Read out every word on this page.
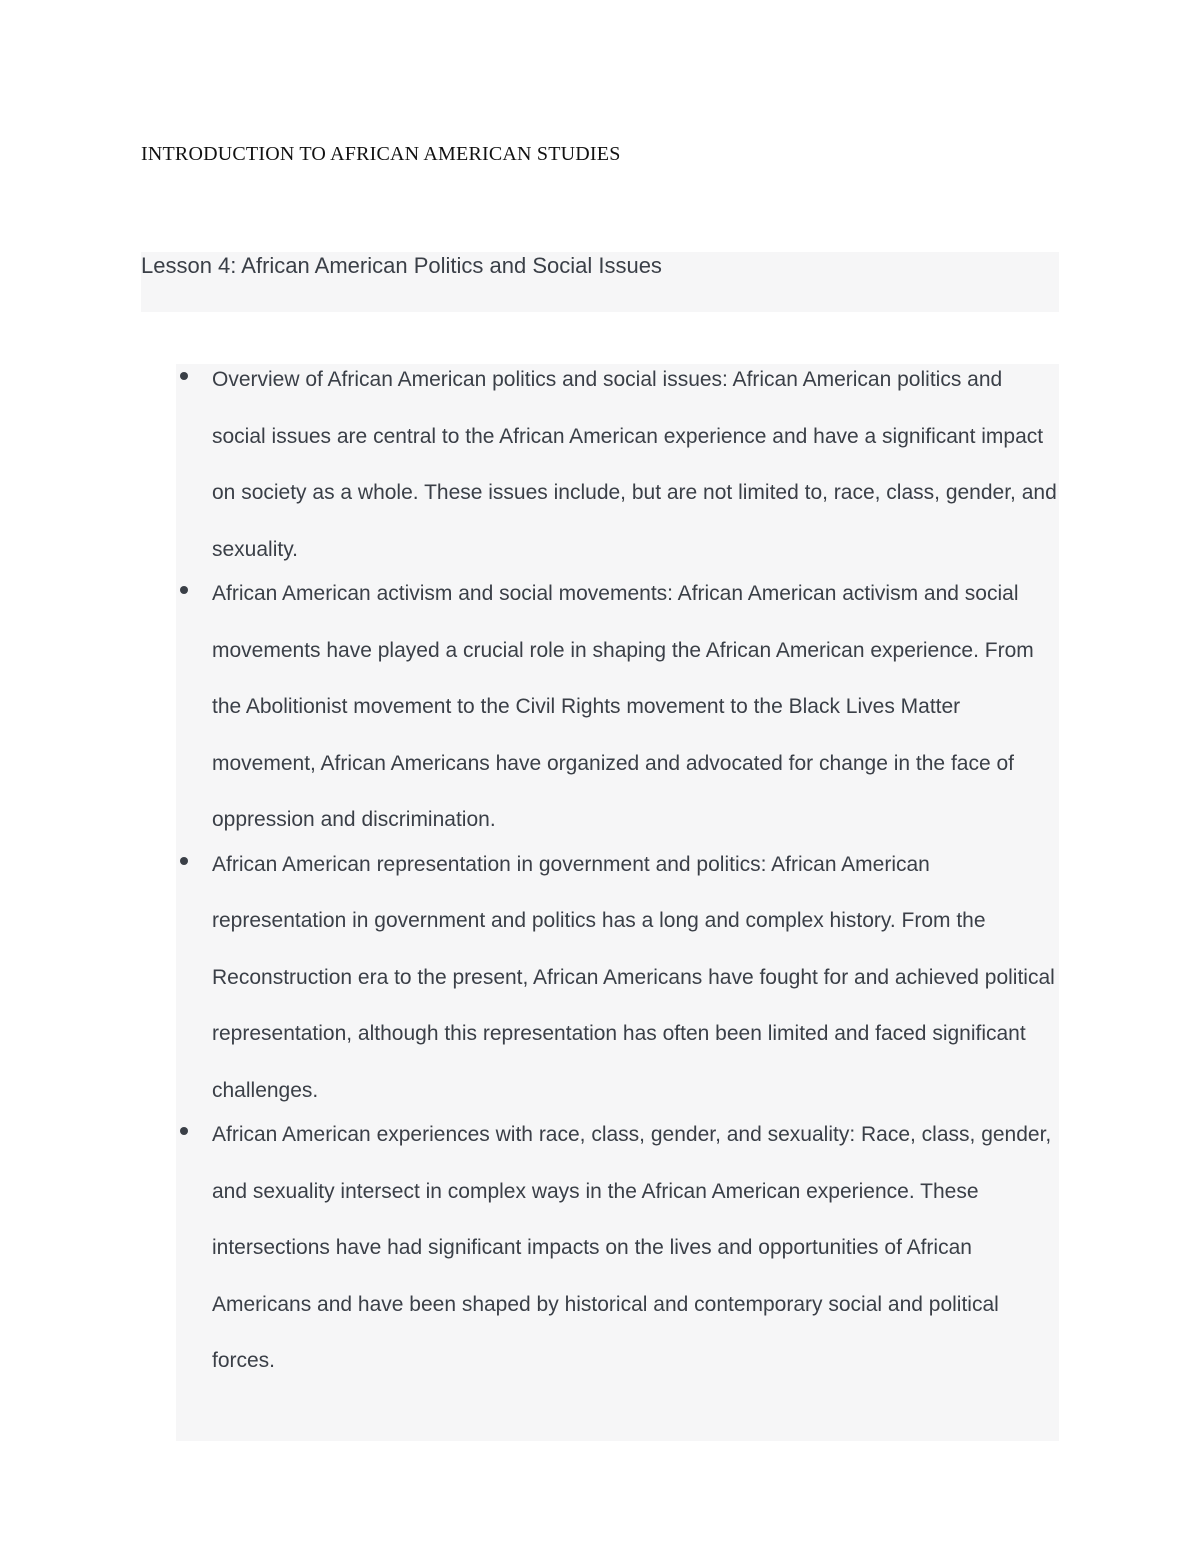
INTRODUCTION TO AFRICAN AMERICAN STUDIES
Lesson 4: African American Politics and Social Issues
Overview of African American politics and social issues: African American politics and social issues are central to the African American experience and have a significant impact on society as a whole. These issues include, but are not limited to, race, class, gender, and sexuality.
African American activism and social movements: African American activism and social movements have played a crucial role in shaping the African American experience. From the Abolitionist movement to the Civil Rights movement to the Black Lives Matter movement, African Americans have organized and advocated for change in the face of oppression and discrimination.
African American representation in government and politics: African American representation in government and politics has a long and complex history. From the Reconstruction era to the present, African Americans have fought for and achieved political representation, although this representation has often been limited and faced significant challenges.
African American experiences with race, class, gender, and sexuality: Race, class, gender, and sexuality intersect in complex ways in the African American experience. These intersections have had significant impacts on the lives and opportunities of African Americans and have been shaped by historical and contemporary social and political forces.
